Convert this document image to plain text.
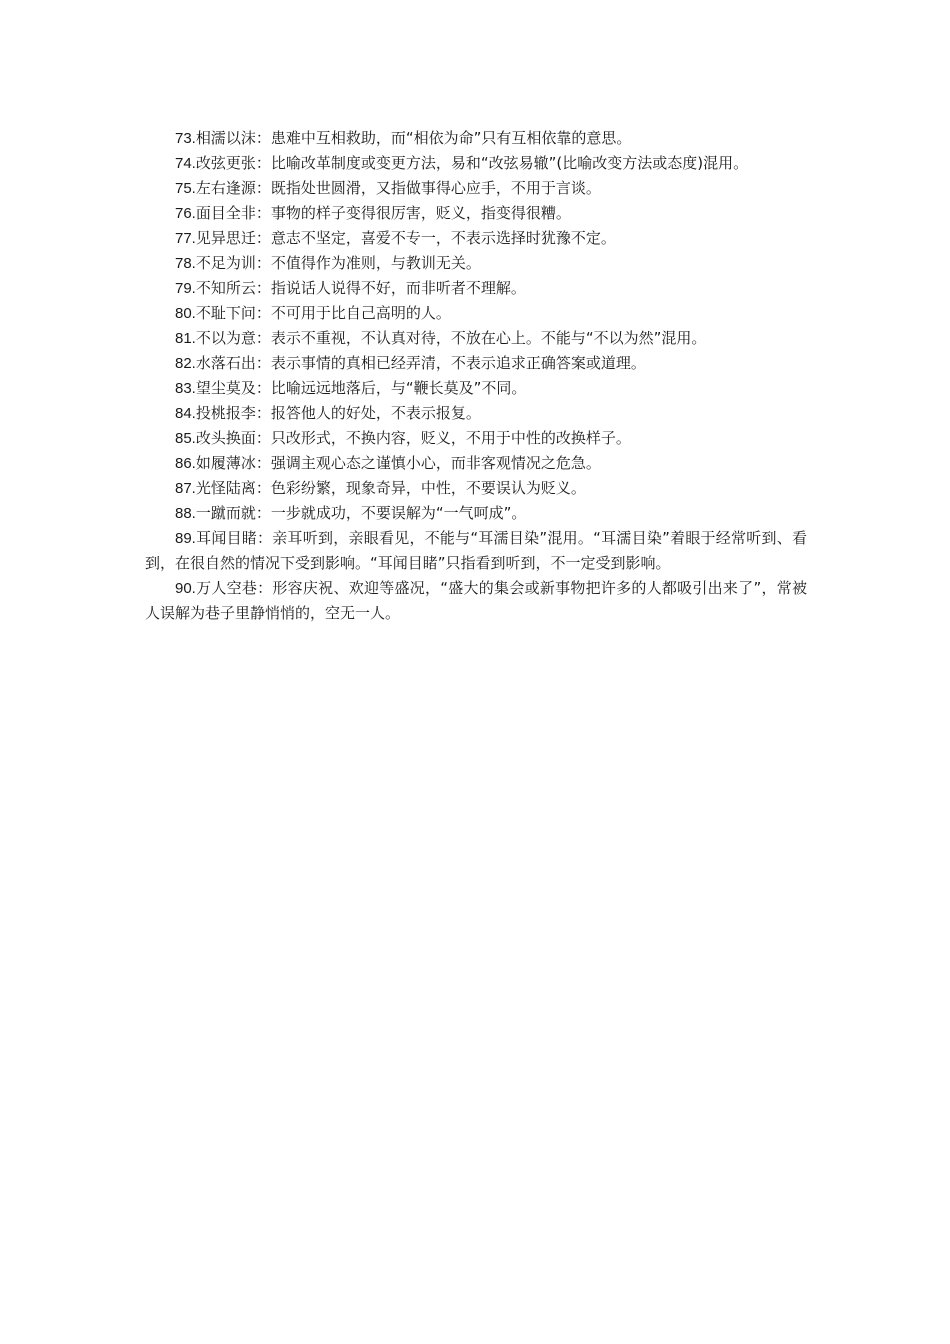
73.相濡以沫：患难中互相救助，而“相依为命”只有互相依靠的意思。

74.改弦更张：比喻改革制度或变更方法，易和“改弦易辙”(比喻改变方法或态度)混用。

75.左右逢源：既指处世圆滑，又指做事得心应手，不用于言谈。

76.面目全非：事物的样子变得很厉害，贬义，指变得很糟。

77.见异思迁：意志不坚定，喜爱不专一，不表示选择时犹豫不定。

78.不足为训：不值得作为准则，与教训无关。

79.不知所云：指说话人说得不好，而非听者不理解。

80.不耻下问：不可用于比自己高明的人。

81.不以为意：表示不重视，不认真对待，不放在心上。不能与“不以为然”混用。

82.水落石出：表示事情的真相已经弄清，不表示追求正确答案或道理。

83.望尘莫及：比喻远远地落后，与“鞭长莫及”不同。

84.投桃报李：报答他人的好处，不表示报复。

85.改头换面：只改形式，不换内容，贬义，不用于中性的改换样子。

86.如履薄冰：强调主观心态之谨慎小心，而非客观情况之危急。

87.光怪陆离：色彩纷繁，现象奇异，中性，不要误认为贬义。

88.一蹴而就：一步就成功，不要误解为“一气呵成”。

89.耳闻目睹：亲耳听到，亲眼看见，不能与“耳濡目染”混用。“耳濡目染”着眼于经常听到、看到，在很自然的情况下受到影响。“耳闻目睹”只指看到听到，不一定受到影响。

90.万人空巷：形容庆祝、欢迎等盛况，“盛大的集会或新事物把许多的人都吸引出来了”，常被人误解为巷子里静悄悄的，空无一人。
